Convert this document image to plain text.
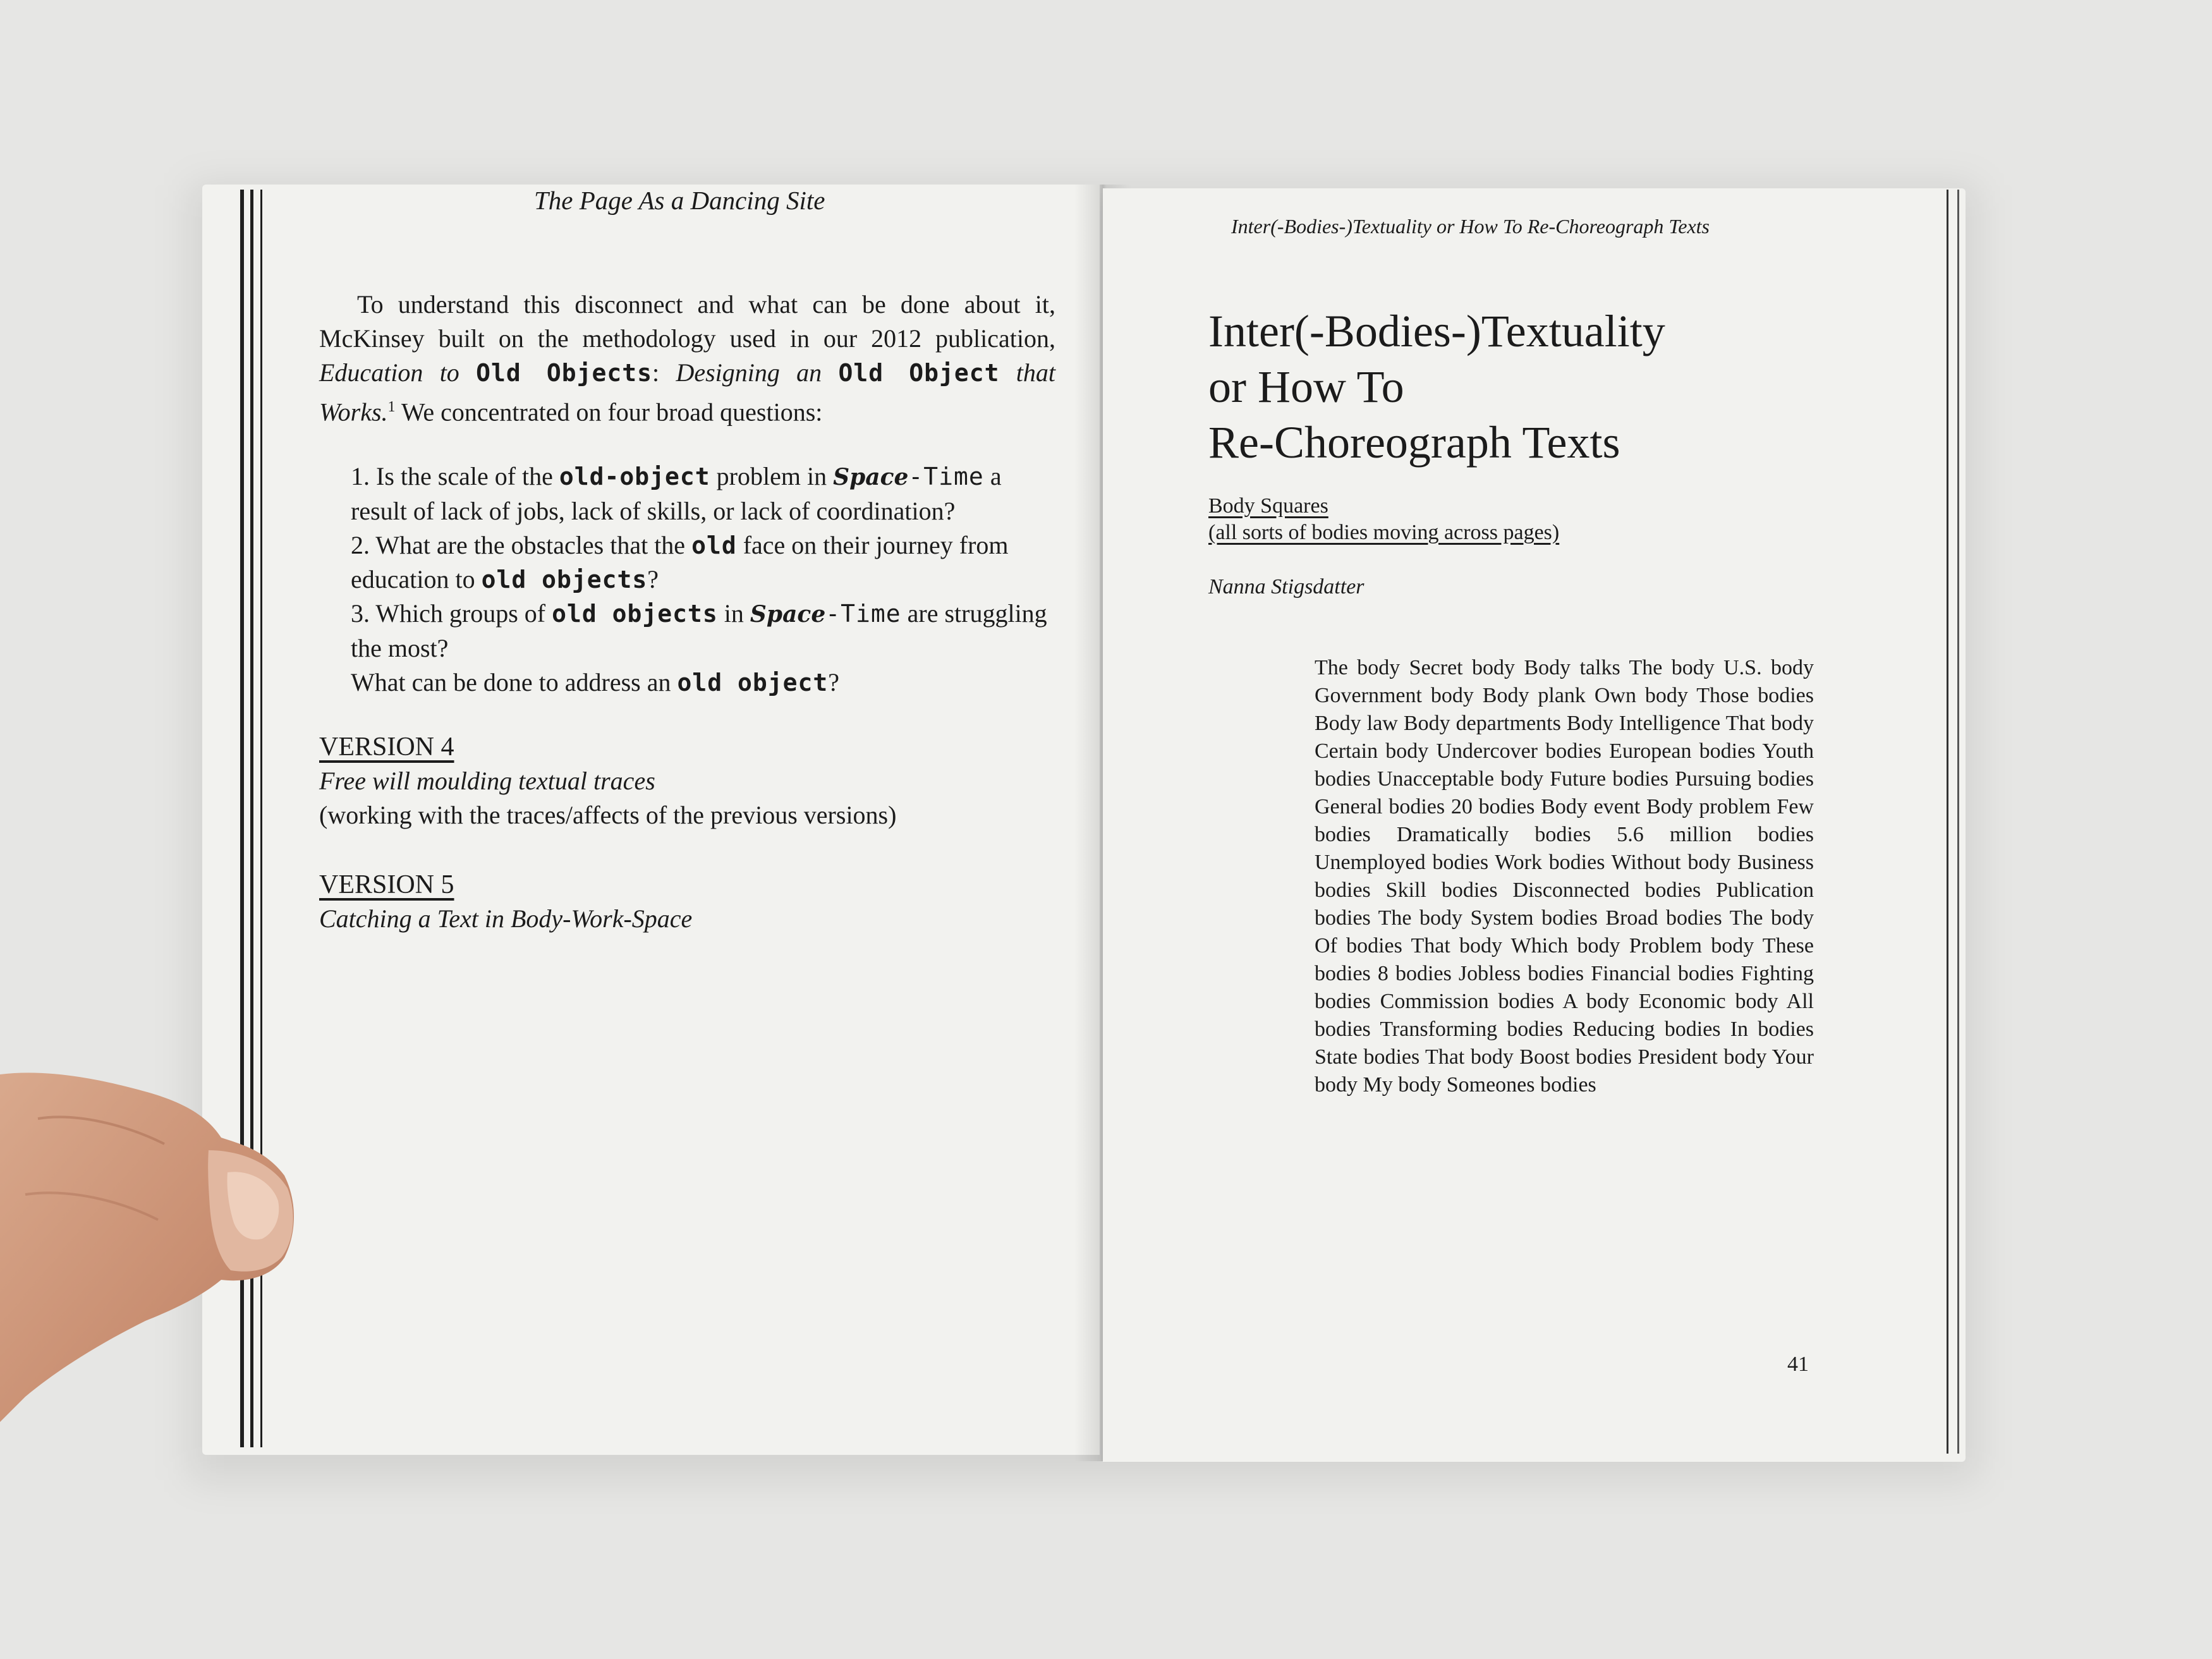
The Page As a Dancing Site

To understand this disconnect and what can be done about it, McKinsey built on the methodology used in our 2012 publication, Education to Old Objects: Designing an Old Object that Works.$^1$ We concentrated on four broad questions:

1. Is the scale of the old-object problem in Space-Time a result of lack of jobs, lack of skills, or lack of coordination?

2. What are the obstacles that the old face on their journey from education to old objects?

3. Which groups of old objects in Space-Time are struggling the most?

What can be done to address an old object?

VERSION 4

Free will moulding textual traces

(working with the traces/affects of the previous versions)

VERSION 5

Catching a Text in Body-Work-Space

Inter(-Bodies-)Textuality or How To Re-Choreograph Texts
Inter(-Bodies-)Textuality
or How To
Re-Choreograph Texts
Body Squares
(all sorts of bodies moving across pages)
Nanna Stigsdatter
The body Secret body Body talks The body U.S. body Government body Body plank Own body Those bodies Body law Body departments Body Intelligence That body Certain body Undercover bodies European bodies Youth bodies Unacceptable body Future bodies Pursuing bodies General bodies 20 bodies Body event Body problem Few bodies Dramatically bodies 5.6 million bodies Unemployed bodies Work bodies Without body Business bodies Skill bodies Disconnected bodies Publication bodies The body System bodies Broad bodies The body Of bodies That body Which body Problem body These bodies 8 bodies Jobless bodies Financial bodies Fighting bodies Commission bodies A body Economic body All bodies Transforming bodies Reducing bodies In bodies State bodies That body Boost bodies President body Your body My body Someones bodies
41
